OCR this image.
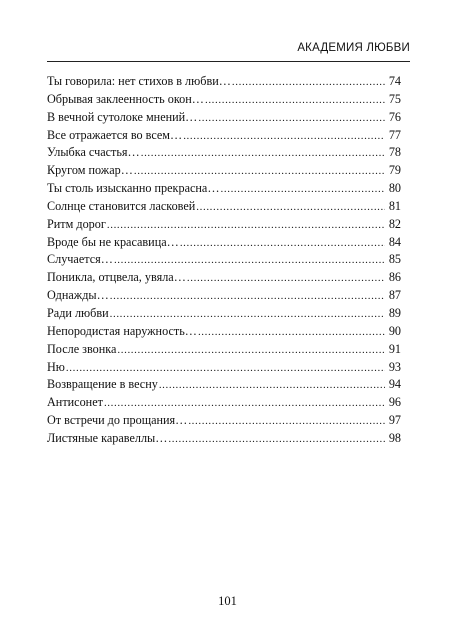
АКАДЕМИЯ ЛЮБВИ
Ты говорила: нет стихов в любви… .....	74
Обрывая заклеенность окон… .....	75
В вечной сутолоке мнений… .....	76
Все отражается во всем… .....	77
Улыбка счастья… .....	78
Кругом пожар… .....	79
Ты столь изысканно прекрасна… .....	80
Солнце становится ласковей .....	81
Ритм дорог .....	82
Вроде бы не красавица… .....	84
Случается… .....	85
Поникла, отцвела, увяла… .....	86
Однажды… .....	87
Ради любви .....	89
Непородистая наружность… .....	90
После звонка .....	91
Ню .....	93
Возвращение в весну .....	94
Антисонет .....	96
От встречи до прощания… .....	97
Листяные каравеллы… .....	98
101
